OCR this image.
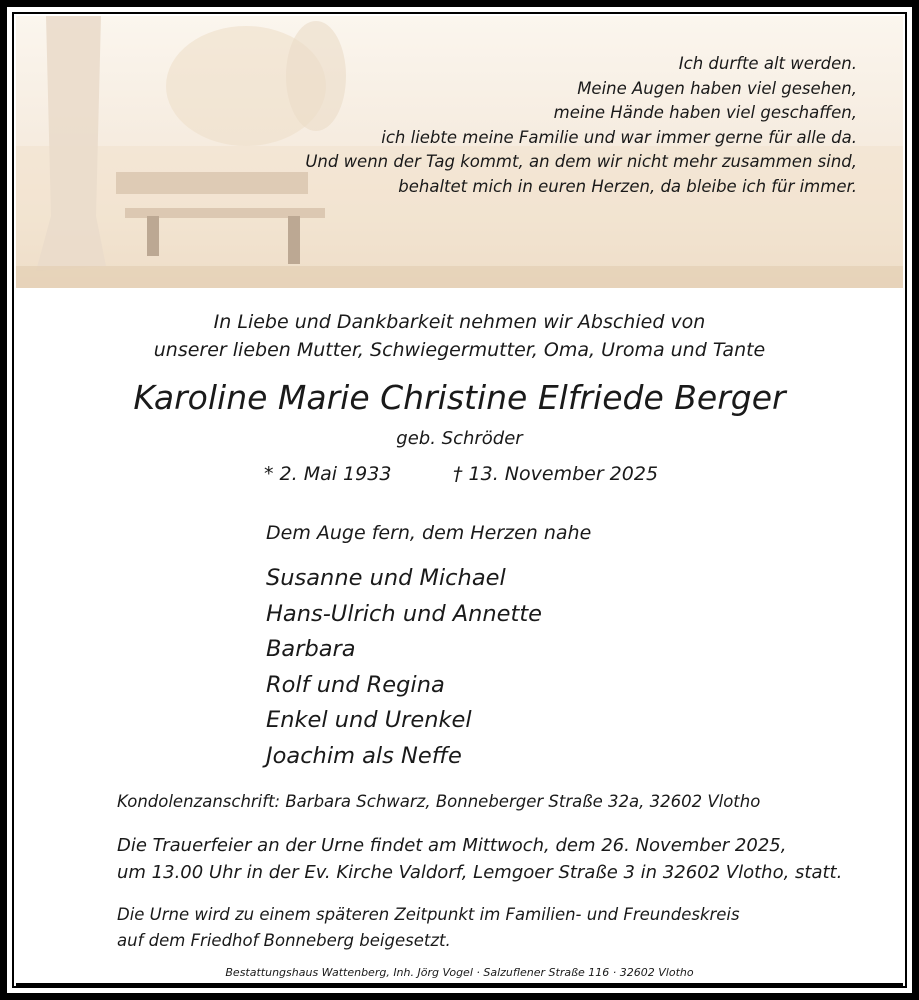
Ich durfte alt werden.
Meine Augen haben viel gesehen,
meine Hände haben viel geschaffen,
ich liebte meine Familie und war immer gerne für alle da.
Und wenn der Tag kommt, an dem wir nicht mehr zusammen sind,
behaltet mich in euren Herzen, da bleibe ich für immer.
In Liebe und Dankbarkeit nehmen wir Abschied von
unserer lieben Mutter, Schwiegermutter, Oma, Uroma und Tante
Karoline Marie Christine Elfriede Berger
geb. Schröder
* 2. Mai 1933	† 13. November 2025
Dem Auge fern, dem Herzen nahe
Susanne und Michael
Hans-Ulrich und Annette
Barbara
Rolf und Regina
Enkel und Urenkel
Joachim als Neffe
Kondolenzanschrift: Barbara Schwarz, Bonneberger Straße 32a, 32602 Vlotho
Die Trauerfeier an der Urne findet am Mittwoch, dem 26. November 2025,
um 13.00 Uhr in der Ev. Kirche Valdorf, Lemgoer Straße 3 in 32602 Vlotho, statt.
Die Urne wird zu einem späteren Zeitpunkt im Familien- und Freundeskreis
auf dem Friedhof Bonneberg beigesetzt.
Bestattungshaus Wattenberg, Inh. Jörg Vogel · Salzuflener Straße 116 · 32602 Vlotho
